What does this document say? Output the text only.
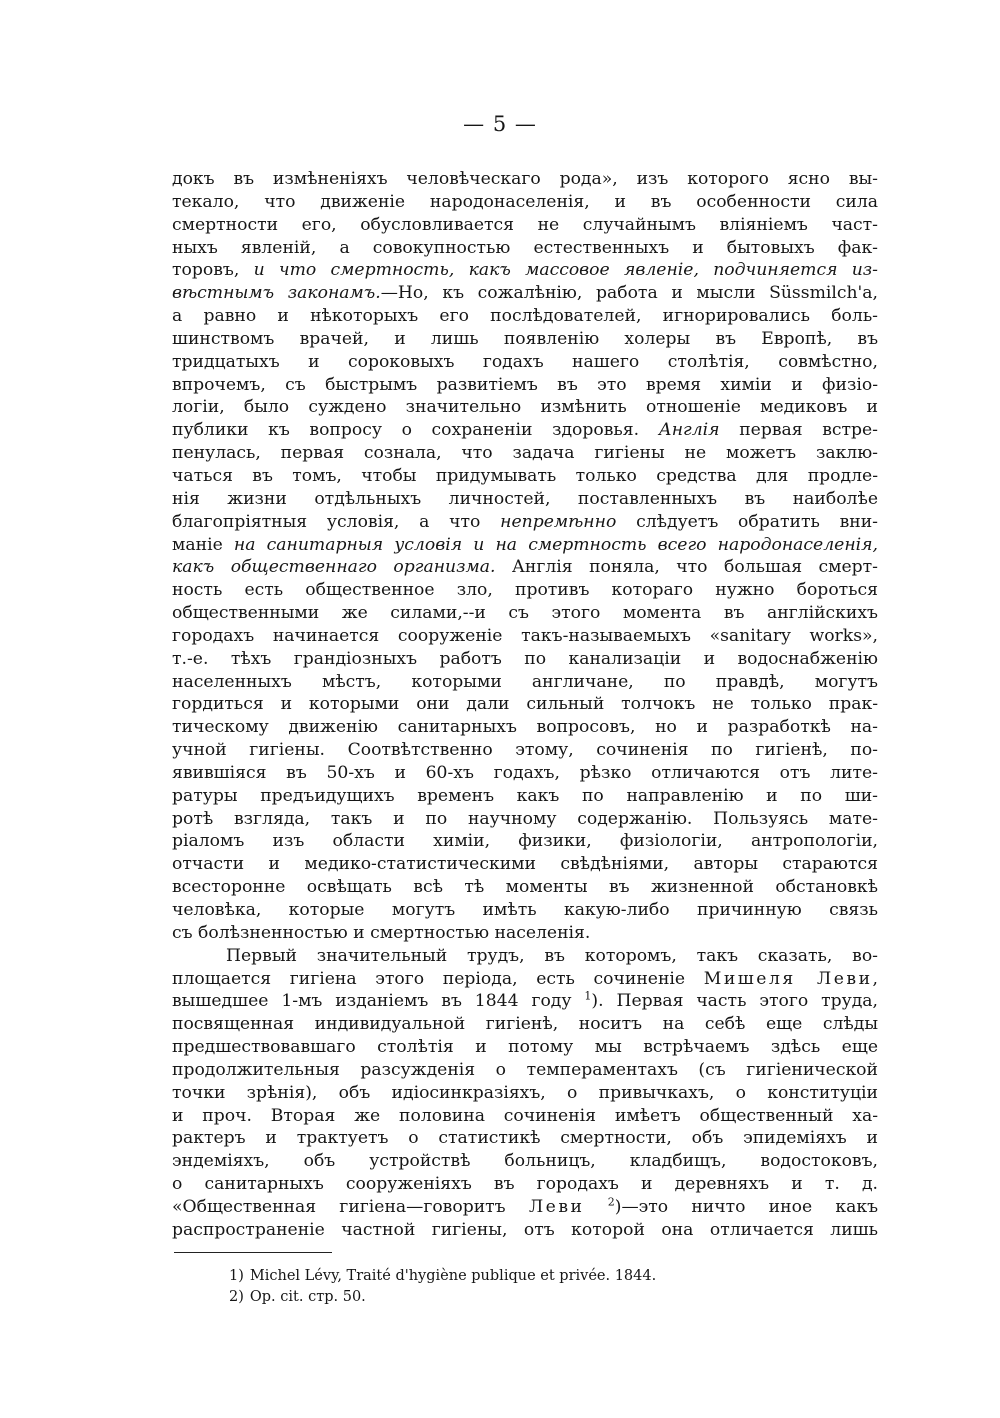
— 5 —
докъ въ измѣненіяхъ человѣческаго рода», изъ которого ясно вы-
текало, что движеніе народонаселенія, и въ особенности сила
смертности его, обусловливается не случайнымъ вліяніемъ част-
ныхъ явленій, а совокупностью естественныхъ и бытовыхъ фак-
торовъ, и что смертность, какъ массовое явленіе, подчиняется из-
вѣстнымъ законамъ.—Но, къ сожалѣнію, работа и мысли Süssmilch'a,
а равно и нѣкоторыхъ его послѣдователей, игнорировались боль-
шинствомъ врачей, и лишь появленію холеры въ Европѣ, въ
тридцатыхъ и сороковыхъ годахъ нашего столѣтія, совмѣстно,
впрочемъ, съ быстрымъ развитіемъ въ это время химіи и физіо-
логіи, было суждено значительно измѣнить отношеніе медиковъ и
публики къ вопросу о сохраненіи здоровья. Англія первая встре-
пенулась, первая сознала, что задача гигіены не можетъ заклю-
чаться въ томъ, чтобы придумывать только средства для продле-
нія жизни отдѣльныхъ личностей, поставленныхъ въ наиболѣе
благопріятныя условія, а что непремѣнно слѣдуетъ обратить вни-
маніе на санитарныя условія и на смертность всего народонаселенія,
какъ общественнаго организма. Англія поняла, что большая смерт-
ность есть общественное зло, противъ котораго нужно бороться
общественными же силами,--и съ этого момента въ англійскихъ
городахъ начинается сооруженіе такъ-называемыхъ «sanitary works»,
т.-е. тѣхъ грандіозныхъ работъ по канализаціи и водоснабженію
населенныхъ мѣстъ, которыми англичане, по правдѣ, могутъ
гордиться и которыми они дали сильный толчокъ не только прак-
тическому движенію санитарныхъ вопросовъ, но и разработкѣ на-
учной гигіены. Соотвѣтственно этому, сочиненія по гигіенѣ, по-
явившіяся въ 50-хъ и 60-хъ годахъ, рѣзко отличаются отъ лите-
ратуры предъидущихъ временъ какъ по направленію и по ши-
ротѣ взгляда, такъ и по научному содержанію. Пользуясь мате-
ріаломъ изъ области химіи, физики, физіологіи, антропологіи,
отчасти и медико-статистическими свѣдѣніями, авторы стараются
всесторонне освѣщать всѣ тѣ моменты въ жизненной обстановкѣ
человѣка, которые могутъ имѣть какую-либо причинную связь
съ болѣзненностью и смертностью населенія.
Первый значительный трудъ, въ которомъ, такъ сказать, во-
площается гигіена этого періода, есть сочиненіе Мишеля Леви,
вышедшее 1-мъ изданіемъ въ 1844 году $^1$). Первая часть этого труда,
посвященная индивидуальной гигіенѣ, носитъ на себѣ еще слѣды
предшествовавшаго столѣтія и потому мы встрѣчаемъ здѣсь еще
продолжительныя разсужденія о темпераментахъ (съ гигіенической
точки зрѣнія), объ идіосинкразіяхъ, о привычкахъ, о конституціи
и проч. Вторая же половина сочиненія имѣетъ общественный ха-
рактеръ и трактуетъ о статистикѣ смертности, объ эпидеміяхъ и
эндеміяхъ, объ устройствѣ больницъ, кладбищъ, водостоковъ,
о санитарныхъ сооруженіяхъ въ городахъ и деревняхъ и т. д.
«Общественная гигіена—говоритъ Леви $^2$)—это ничто иное какъ
распространеніе частной гигіены, отъ которой она отличается лишь
1) Michel Lévy, Traité d'hygiène publique et privée. 1844.
2) Op. cit. стр. 50.
